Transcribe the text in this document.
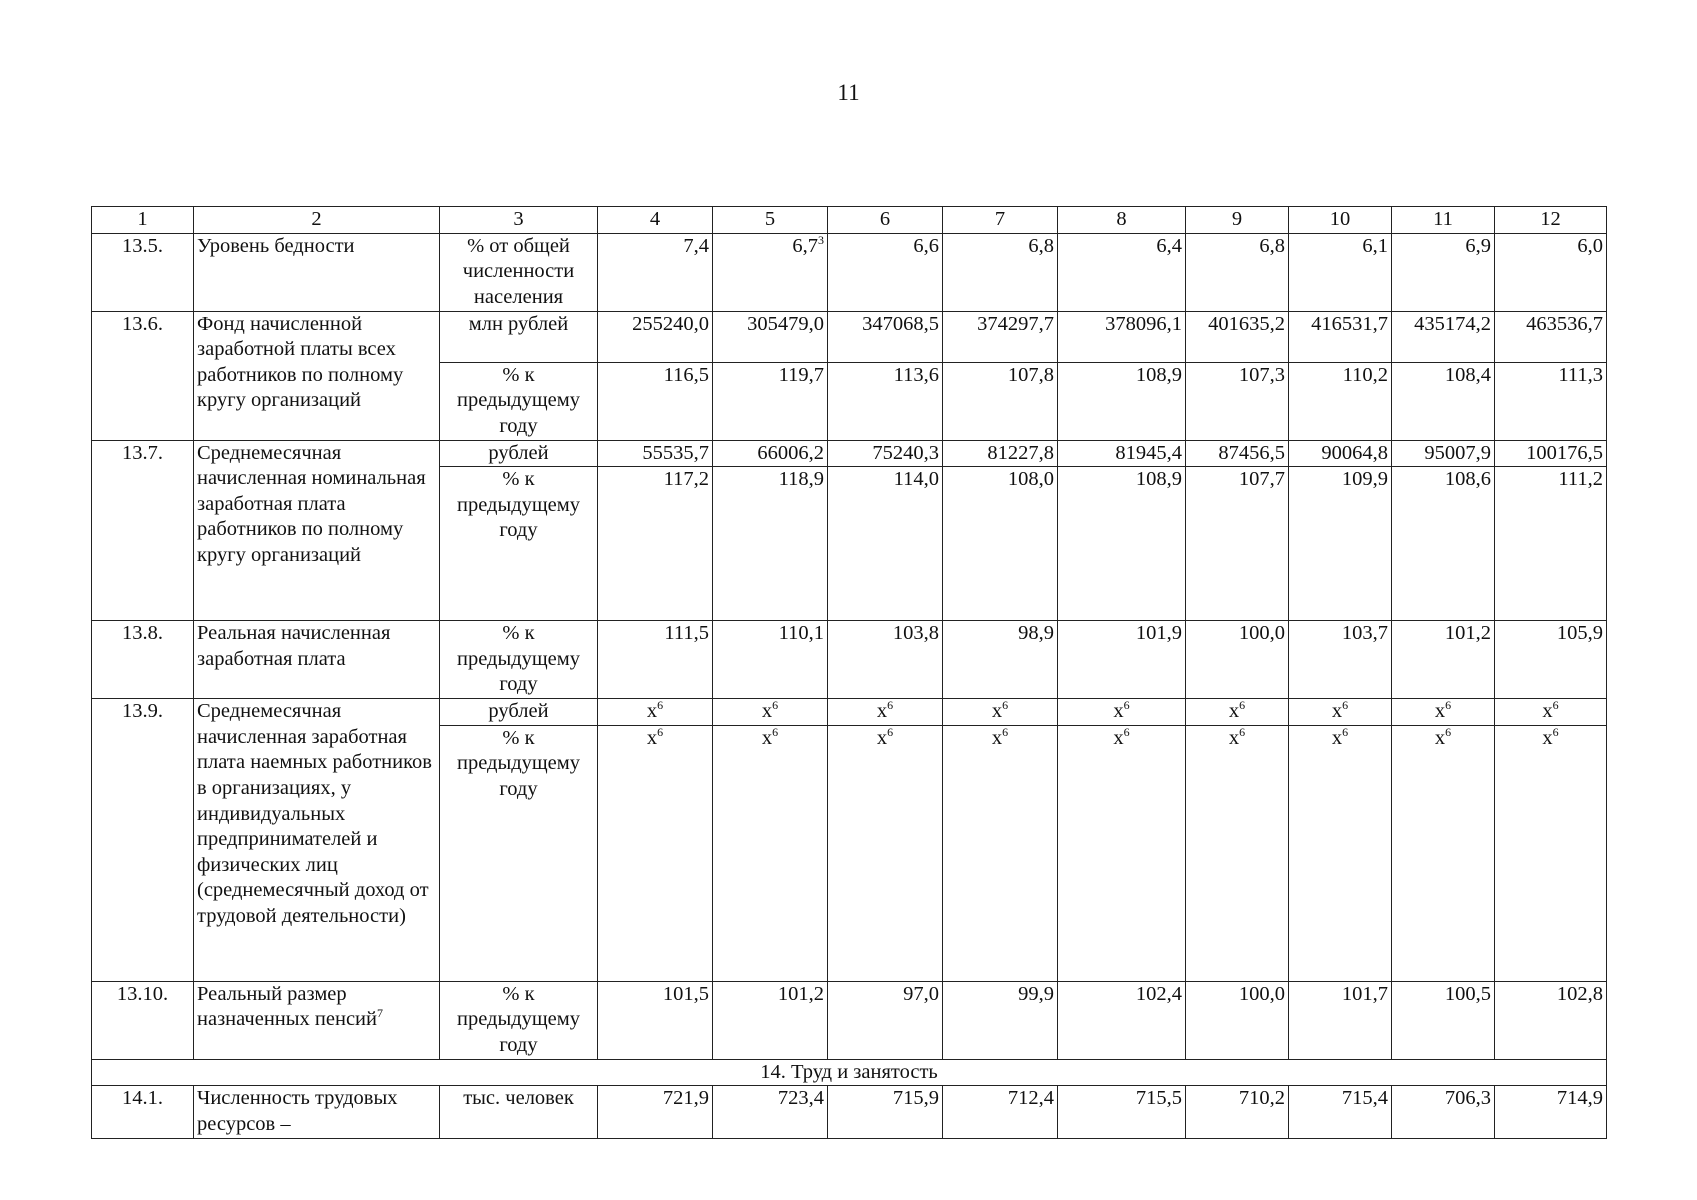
11
1	2	3	4	5	6	7	8	9	10	11	12
13.5.	Уровень бедности	% от общей численности населения	7,4	$6,7^3$	6,6	6,8	6,4	6,8	6,1	6,9	6,0
13.6.	Фонд начисленной заработной платы всех работников по полному кругу организаций	млн рублей	255240,0	305479,0	347068,5	374297,7	378096,1	401635,2	416531,7	435174,2	463536,7
		% к предыдущему году	116,5	119,7	113,6	107,8	108,9	107,3	110,2	108,4	111,3
13.7.	Среднемесячная начисленная номинальная заработная плата работников по полному кругу организаций	рублей	55535,7	66006,2	75240,3	81227,8	81945,4	87456,5	90064,8	95007,9	100176,5
		% к предыдущему году	117,2	118,9	114,0	108,0	108,9	107,7	109,9	108,6	111,2
13.8.	Реальная начисленная заработная плата	% к предыдущему году	111,5	110,1	103,8	98,9	101,9	100,0	103,7	101,2	105,9
13.9.	Среднемесячная начисленная заработная плата наемных работников в организациях, у индивидуальных предпринимателей и физических лиц (среднемесячный доход от трудовой деятельности)	рублей	$x^6$	$x^6$	$x^6$	$x^6$	$x^6$	$x^6$	$x^6$	$x^6$	$x^6$
		% к предыдущему году	$x^6$	$x^6$	$x^6$	$x^6$	$x^6$	$x^6$	$x^6$	$x^6$	$x^6$
13.10.	Реальный размер назначенных пенсий$^7$	% к предыдущему году	101,5	101,2	97,0	99,9	102,4	100,0	101,7	100,5	102,8
14. Труд и занятость											
14.1.	Численность трудовых ресурсов –	тыс. человек	721,9	723,4	715,9	712,4	715,5	710,2	715,4	706,3	714,9
